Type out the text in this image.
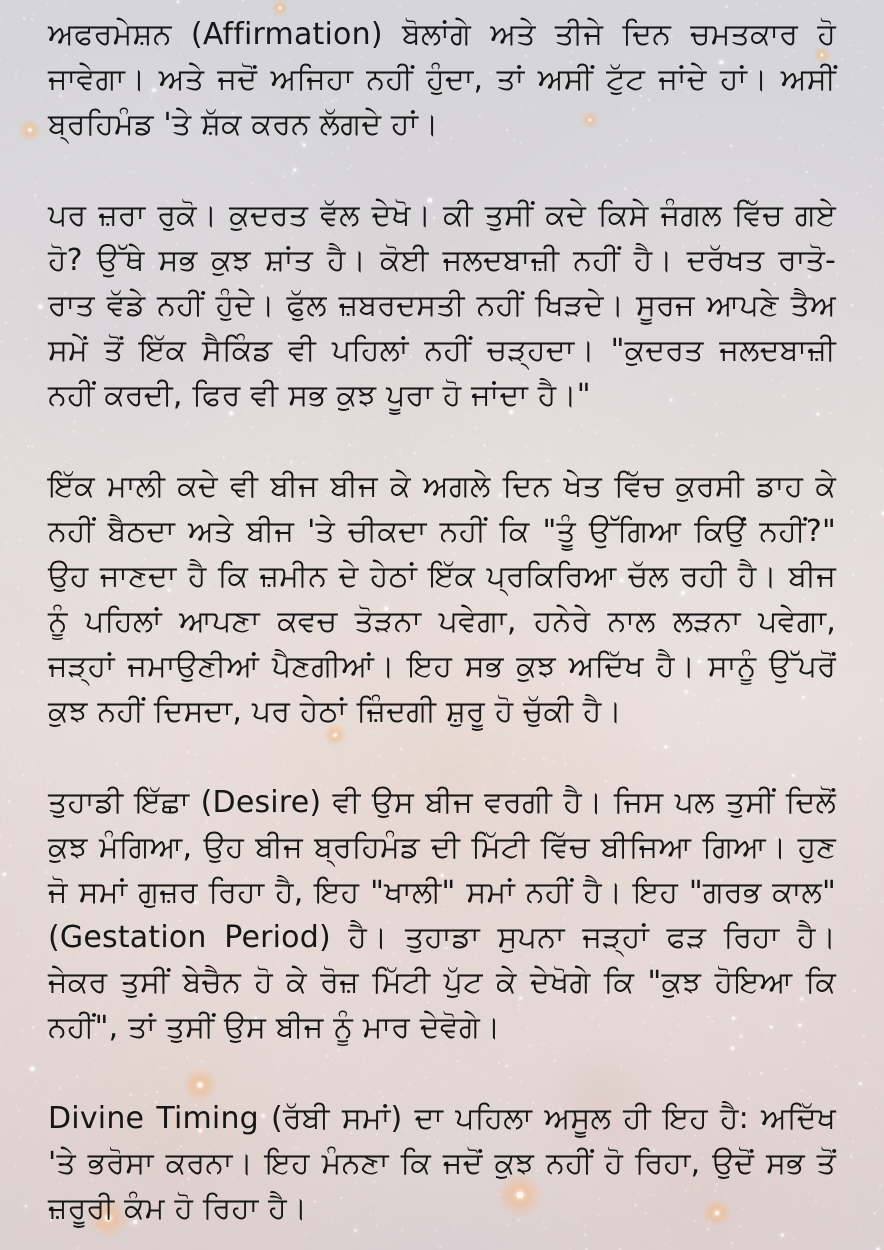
ਅਫਰਮੇਸ਼ਨ (Affirmation) ਬੋਲਾਂਗੇ ਅਤੇ ਤੀਜੇ ਦਿਨ ਚਮਤਕਾਰ ਹੋ ਜਾਵੇਗਾ। ਅਤੇ ਜਦੋਂ ਅਜਿਹਾ ਨਹੀਂ ਹੁੰਦਾ, ਤਾਂ ਅਸੀਂ ਟੁੱਟ ਜਾਂਦੇ ਹਾਂ। ਅਸੀਂ ਬ੍ਰਹਿਮੰਡ 'ਤੇ ਸ਼ੱਕ ਕਰਨ ਲੱਗਦੇ ਹਾਂ।

ਪਰ ਜ਼ਰਾ ਰੁਕੋ। ਕੁਦਰਤ ਵੱਲ ਦੇਖੋ। ਕੀ ਤੁਸੀਂ ਕਦੇ ਕਿਸੇ ਜੰਗਲ ਵਿੱਚ ਗਏ ਹੋ? ਉੱਥੇ ਸਭ ਕੁਝ ਸ਼ਾਂਤ ਹੈ। ਕੋਈ ਜਲਦਬਾਜ਼ੀ ਨਹੀਂ ਹੈ। ਦਰੱਖਤ ਰਾਤੋ-ਰਾਤ ਵੱਡੇ ਨਹੀਂ ਹੁੰਦੇ। ਫੁੱਲ ਜ਼ਬਰਦਸਤੀ ਨਹੀਂ ਖਿੜਦੇ। ਸੂਰਜ ਆਪਣੇ ਤੈਅ ਸਮੇਂ ਤੋਂ ਇੱਕ ਸੈਕਿੰਡ ਵੀ ਪਹਿਲਾਂ ਨਹੀਂ ਚੜ੍ਹਦਾ। "ਕੁਦਰਤ ਜਲਦਬਾਜ਼ੀ ਨਹੀਂ ਕਰਦੀ, ਫਿਰ ਵੀ ਸਭ ਕੁਝ ਪੂਰਾ ਹੋ ਜਾਂਦਾ ਹੈ।"

ਇੱਕ ਮਾਲੀ ਕਦੇ ਵੀ ਬੀਜ ਬੀਜ ਕੇ ਅਗਲੇ ਦਿਨ ਖੇਤ ਵਿੱਚ ਕੁਰਸੀ ਡਾਹ ਕੇ ਨਹੀਂ ਬੈਠਦਾ ਅਤੇ ਬੀਜ 'ਤੇ ਚੀਕਦਾ ਨਹੀਂ ਕਿ "ਤੂੰ ਉੱਗਿਆ ਕਿਉਂ ਨਹੀਂ?" ਉਹ ਜਾਣਦਾ ਹੈ ਕਿ ਜ਼ਮੀਨ ਦੇ ਹੇਠਾਂ ਇੱਕ ਪ੍ਰਕਿਰਿਆ ਚੱਲ ਰਹੀ ਹੈ। ਬੀਜ ਨੂੰ ਪਹਿਲਾਂ ਆਪਣਾ ਕਵਚ ਤੋੜਨਾ ਪਵੇਗਾ, ਹਨੇਰੇ ਨਾਲ ਲੜਨਾ ਪਵੇਗਾ, ਜੜ੍ਹਾਂ ਜਮਾਉਣੀਆਂ ਪੈਣਗੀਆਂ। ਇਹ ਸਭ ਕੁਝ ਅਦਿੱਖ ਹੈ। ਸਾਨੂੰ ਉੱਪਰੋਂ ਕੁਝ ਨਹੀਂ ਦਿਸਦਾ, ਪਰ ਹੇਠਾਂ ਜ਼ਿੰਦਗੀ ਸ਼ੁਰੂ ਹੋ ਚੁੱਕੀ ਹੈ।

ਤੁਹਾਡੀ ਇੱਛਾ (Desire) ਵੀ ਉਸ ਬੀਜ ਵਰਗੀ ਹੈ। ਜਿਸ ਪਲ ਤੁਸੀਂ ਦਿਲੋਂ ਕੁਝ ਮੰਗਿਆ, ਉਹ ਬੀਜ ਬ੍ਰਹਿਮੰਡ ਦੀ ਮਿੱਟੀ ਵਿੱਚ ਬੀਜਿਆ ਗਿਆ। ਹੁਣ ਜੋ ਸਮਾਂ ਗੁਜ਼ਰ ਰਿਹਾ ਹੈ, ਇਹ "ਖਾਲੀ" ਸਮਾਂ ਨਹੀਂ ਹੈ। ਇਹ "ਗਰਭ ਕਾਲ" (Gestation Period) ਹੈ। ਤੁਹਾਡਾ ਸੁਪਨਾ ਜੜ੍ਹਾਂ ਫੜ ਰਿਹਾ ਹੈ। ਜੇਕਰ ਤੁਸੀਂ ਬੇਚੈਨ ਹੋ ਕੇ ਰੋਜ਼ ਮਿੱਟੀ ਪੁੱਟ ਕੇ ਦੇਖੋਗੇ ਕਿ "ਕੁਝ ਹੋਇਆ ਕਿ ਨਹੀਂ", ਤਾਂ ਤੁਸੀਂ ਉਸ ਬੀਜ ਨੂੰ ਮਾਰ ਦੇਵੋਗੇ।

Divine Timing (ਰੱਬੀ ਸਮਾਂ) ਦਾ ਪਹਿਲਾ ਅਸੂਲ ਹੀ ਇਹ ਹੈ: ਅਦਿੱਖ 'ਤੇ ਭਰੋਸਾ ਕਰਨਾ। ਇਹ ਮੰਨਣਾ ਕਿ ਜਦੋਂ ਕੁਝ ਨਹੀਂ ਹੋ ਰਿਹਾ, ਉਦੋਂ ਸਭ ਤੋਂ ਜ਼ਰੂਰੀ ਕੰਮ ਹੋ ਰਿਹਾ ਹੈ।
